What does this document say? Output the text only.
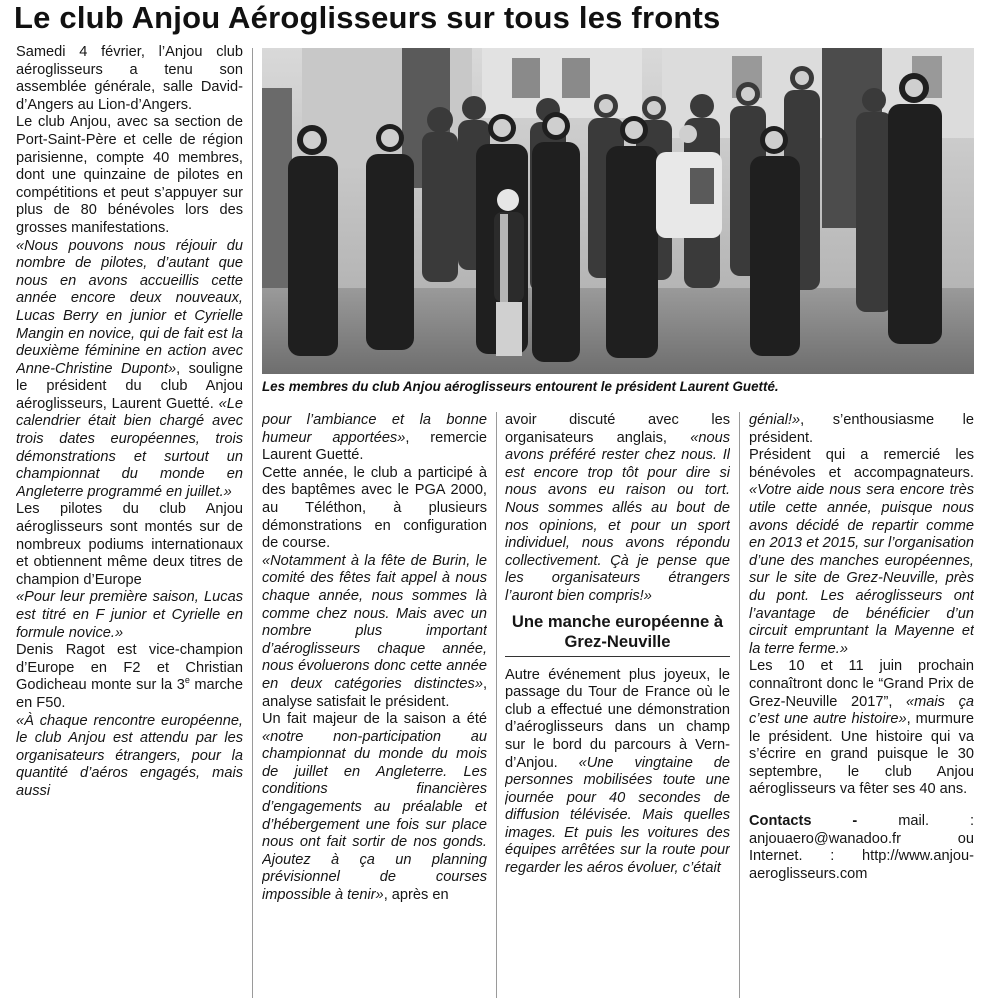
Le club Anjou Aéroglisseurs sur tous les fronts

Samedi 4 février, l’Anjou club aéroglisseurs a tenu son assemblée générale, salle David-d’Angers au Lion-d’Angers.

Le club Anjou, avec sa section de Port-Saint-Père et celle de région parisienne, compte 40 membres, dont une quinzaine de pilotes en compétitions et peut s’appuyer sur plus de 80 bénévoles lors des grosses manifestations.

«Nous pouvons nous réjouir du nombre de pilotes, d’autant que nous en avons accueillis cette année encore deux nouveaux, Lucas Berry en junior et Cyrielle Mangin en novice, qui de fait est la deuxième féminine en action avec Anne-Christine Dupont», souligne le président du club Anjou aéroglisseurs, Laurent Guetté. «Le calendrier était bien chargé avec trois dates européennes, trois démonstrations et surtout un championnat du monde en Angleterre programmé en juillet.»

Les pilotes du club Anjou aéroglisseurs sont montés sur de nombreux podiums internationaux et obtiennent même deux titres de champion d’Europe

«Pour leur première saison, Lucas est titré en F junior et Cyrielle en formule novice.»

Denis Ragot est vice-champion d’Europe en F2 et Christian Godicheau monte sur la 3e marche en F50.

«À chaque rencontre européenne, le club Anjou est attendu par les organisateurs étrangers, pour la quantité d’aéros engagés, mais aussi

Les membres du club Anjou aéroglisseurs entourent le président Laurent Guetté.

pour l’ambiance et la bonne humeur apportées», remercie Laurent Guetté.

Cette année, le club a participé à des baptêmes avec le PGA 2000, au Téléthon, à plusieurs démonstrations en configuration de course.

«Notamment à la fête de Burin, le comité des fêtes fait appel à nous chaque année, nous sommes là comme chez nous. Mais avec un nombre plus important d’aéroglisseurs chaque année, nous évoluerons donc cette année en deux catégories distinctes», analyse satisfait le président.

Un fait majeur de la saison a été «notre non-participation au championnat du monde du mois de juillet en Angleterre. Les conditions financières d’engagements au préalable et d’hébergement une fois sur place nous ont fait sortir de nos gonds. Ajoutez à ça un planning prévisionnel de courses impossible à tenir», après en

avoir discuté avec les organisateurs anglais, «nous avons préféré rester chez nous. Il est encore trop tôt pour dire si nous avons eu raison ou tort. Nous sommes allés au bout de nos opinions, et pour un sport individuel, nous avons répondu collectivement. Çà je pense que les organisateurs étrangers l’auront bien compris!»

Une manche européenne à Grez-Neuville

Autre événement plus joyeux, le passage du Tour de France où le club a effectué une démonstration d’aéroglisseurs dans un champ sur le bord du parcours à Vern-d’Anjou. «Une vingtaine de personnes mobilisées toute une journée pour 40 secondes de diffusion télévisée. Mais quelles images. Et puis les voitures des équipes arrêtées sur la route pour regarder les aéros évoluer, c’était

génial!», s’enthousiasme le président.

Président qui a remercié les bénévoles et accompagnateurs. «Votre aide nous sera encore très utile cette année, puisque nous avons décidé de repartir comme en 2013 et 2015, sur l’organisation d’une des manches européennes, sur le site de Grez-Neuville, près du pont. Les aéroglisseurs ont l’avantage de bénéficier d’un circuit empruntant la Mayenne et la terre ferme.»

Les 10 et 11 juin prochain connaîtront donc le “Grand Prix de Grez-Neuville 2017”, «mais ça c’est une autre histoire», murmure le président. Une histoire qui va s’écrire en grand puisque le 30 septembre, le club Anjou aéroglisseurs va fêter ses 40 ans.

Contacts - mail. : anjouaero@wanadoo.fr ou Internet. : http://www.anjou-aeroglisseurs.com
